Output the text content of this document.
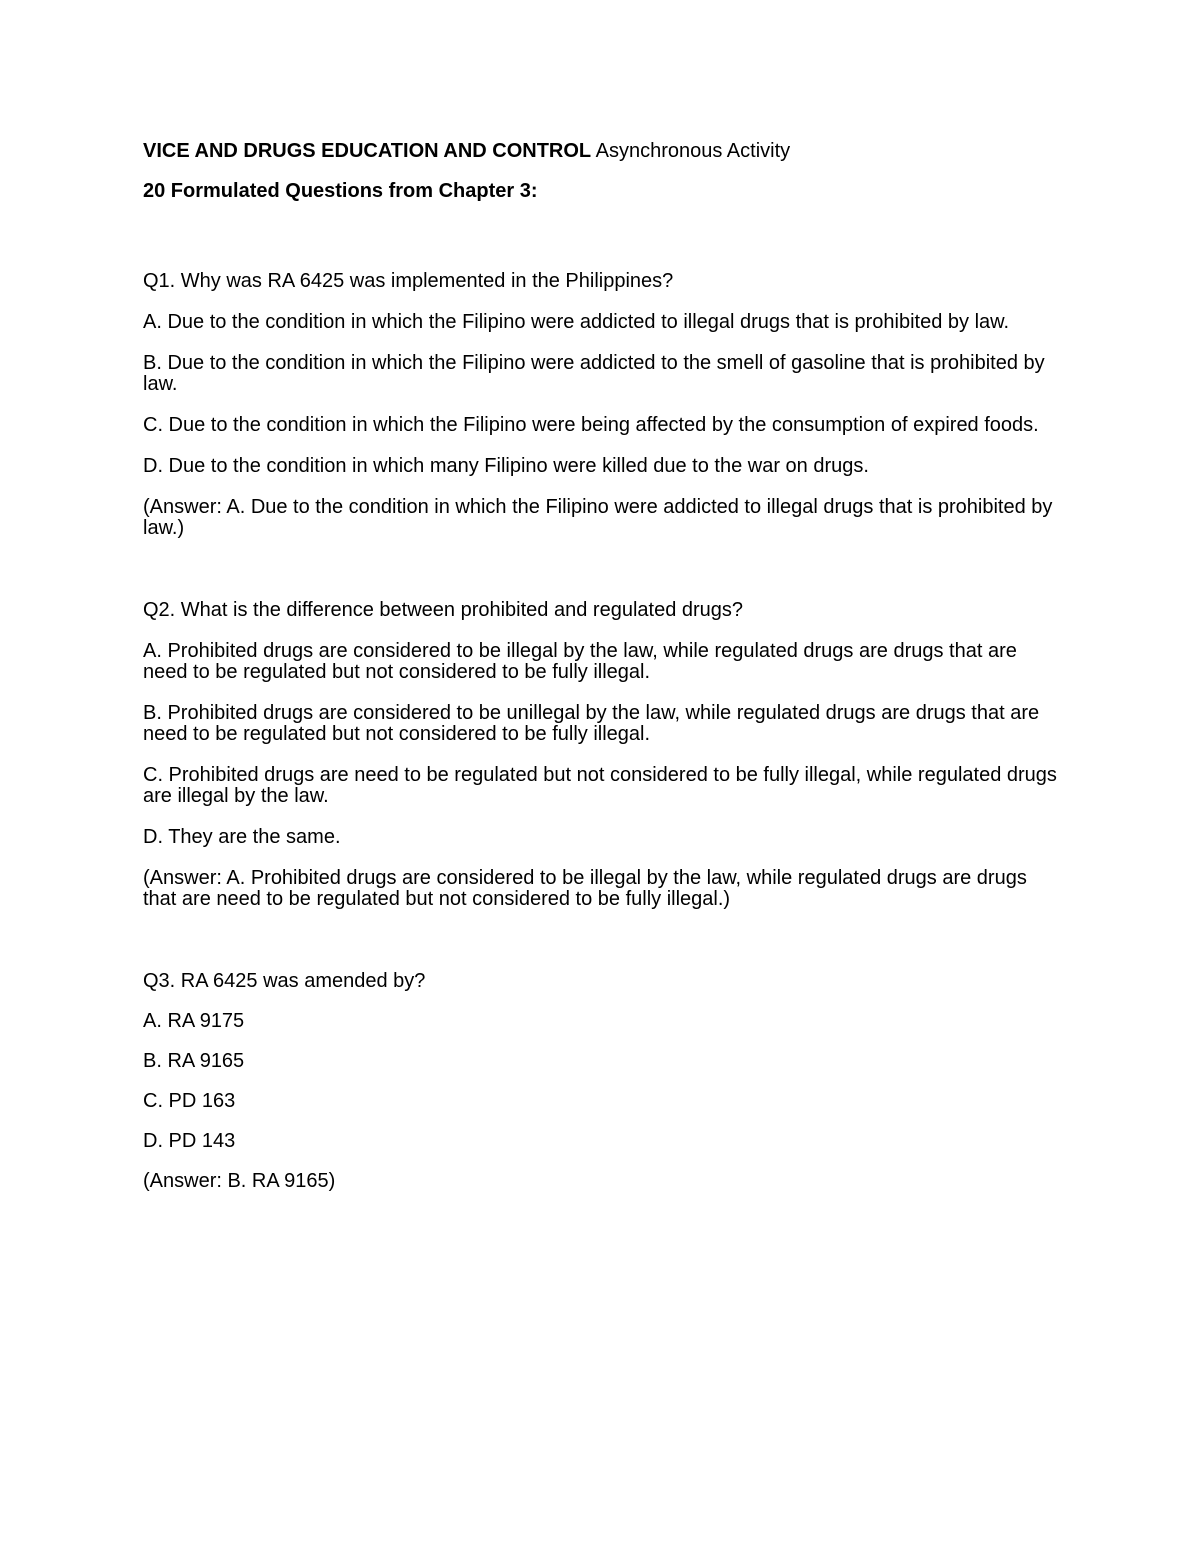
VICE AND DRUGS EDUCATION AND CONTROL Asynchronous Activity

20 Formulated Questions from Chapter 3:

Q1. Why was RA 6425 was implemented in the Philippines?

A. Due to the condition in which the Filipino were addicted to illegal drugs that is prohibited by law.

B. Due to the condition in which the Filipino were addicted to the smell of gasoline that is prohibited by law.

C. Due to the condition in which the Filipino were being affected by the consumption of expired foods.

D. Due to the condition in which many Filipino were killed due to the war on drugs.

(Answer: A. Due to the condition in which the Filipino were addicted to illegal drugs that is prohibited by law.)

Q2. What is the difference between prohibited and regulated drugs?

A. Prohibited drugs are considered to be illegal by the law, while regulated drugs are drugs that are need to be regulated but not considered to be fully illegal.

B. Prohibited drugs are considered to be unillegal by the law, while regulated drugs are drugs that are need to be regulated but not considered to be fully illegal.

C. Prohibited drugs are need to be regulated but not considered to be fully illegal, while regulated drugs are illegal by the law.

D. They are the same.

(Answer: A. Prohibited drugs are considered to be illegal by the law, while regulated drugs are drugs that are need to be regulated but not considered to be fully illegal.)

Q3. RA 6425 was amended by?

A. RA 9175

B. RA 9165

C. PD 163

D. PD 143

(Answer: B. RA 9165)
